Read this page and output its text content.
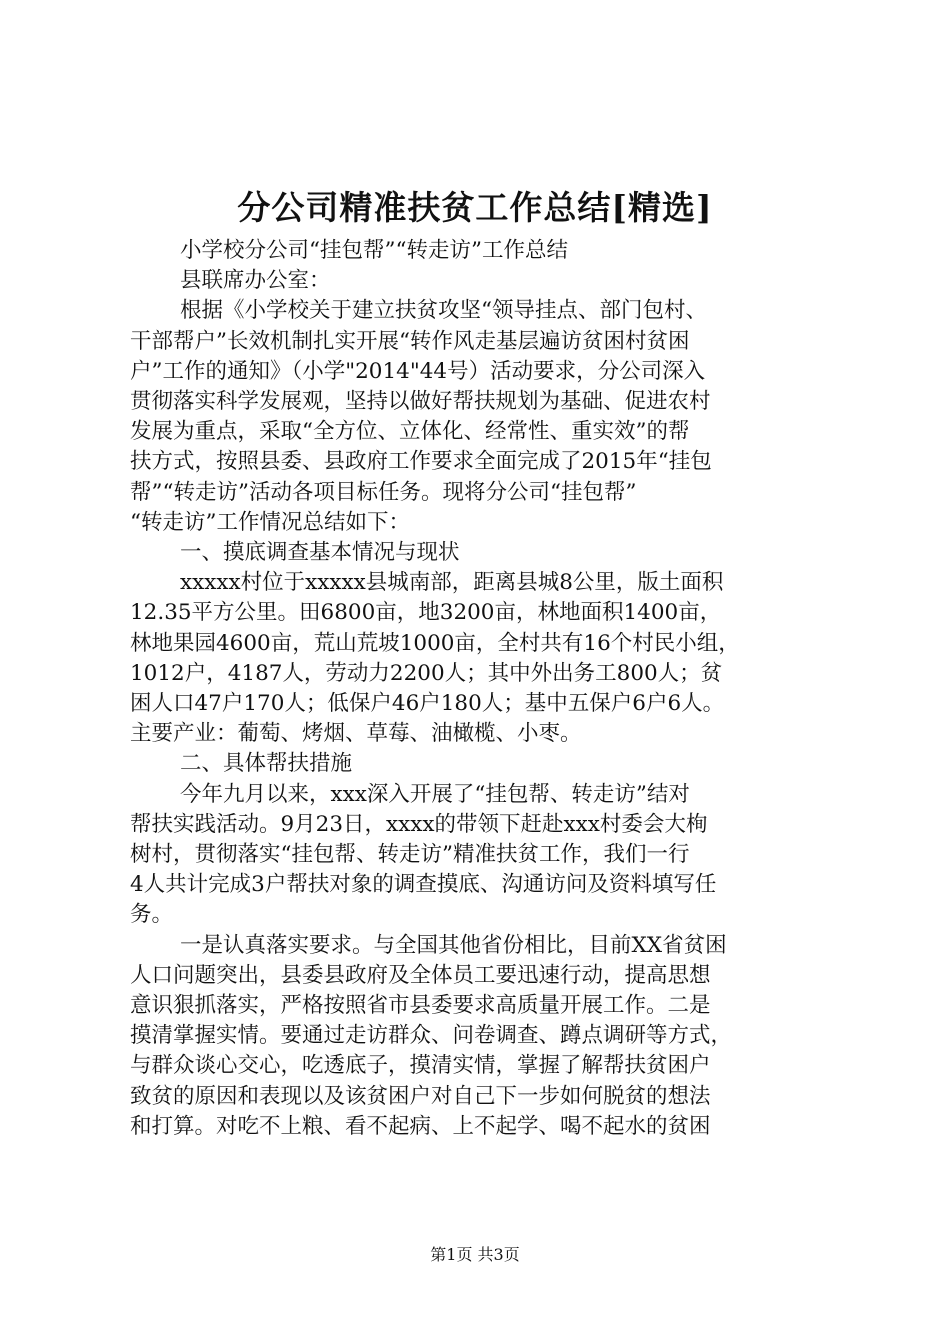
分公司精准扶贫工作总结[精选]

小学校分公司“挂包帮”“转走访”工作总结

县联席办公室：

根据《小学校关于建立扶贫攻坚“领导挂点、部门包村、

干部帮户”长效机制扎实开展“转作风走基层遍访贫困村贫困

户”工作的通知》（小学"2014"44号）活动要求，分公司深入

贯彻落实科学发展观，坚持以做好帮扶规划为基础、促进农村

发展为重点，采取“全方位、立体化、经常性、重实效”的帮

扶方式，按照县委、县政府工作要求全面完成了2015年“挂包

帮”“转走访”活动各项目标任务。现将分公司“挂包帮”

“转走访”工作情况总结如下：

一、摸底调查基本情况与现状

xxxxx村位于xxxxx县城南部，距离县城8公里，版土面积

12.35平方公里。田6800亩，地3200亩，林地面积1400亩，

林地果园4600亩，荒山荒坡1000亩，全村共有16个村民小组，

1012户，4187人，劳动力2200人；其中外出务工800人；贫

困人口47户170人；低保户46户180人；基中五保户6户6人。

主要产业：葡萄、烤烟、草莓、油橄榄、小枣。

二、具体帮扶措施

今年九月以来，xxx深入开展了“挂包帮、转走访”结对

帮扶实践活动。9月23日，xxxx的带领下赶赴xxx村委会大栒

树村，贯彻落实“挂包帮、转走访”精准扶贫工作，我们一行

4人共计完成3户帮扶对象的调查摸底、沟通访问及资料填写任

务。

一是认真落实要求。与全国其他省份相比，目前XX省贫困

人口问题突出，县委县政府及全体员工要迅速行动，提高思想

意识狠抓落实，严格按照省市县委要求高质量开展工作。二是

摸清掌握实情。要通过走访群众、问卷调查、蹲点调研等方式，

与群众谈心交心，吃透底子，摸清实情，掌握了解帮扶贫困户

致贫的原因和表现以及该贫困户对自己下一步如何脱贫的想法

和打算。对吃不上粮、看不起病、上不起学、喝不起水的贫困

第1页 共3页
